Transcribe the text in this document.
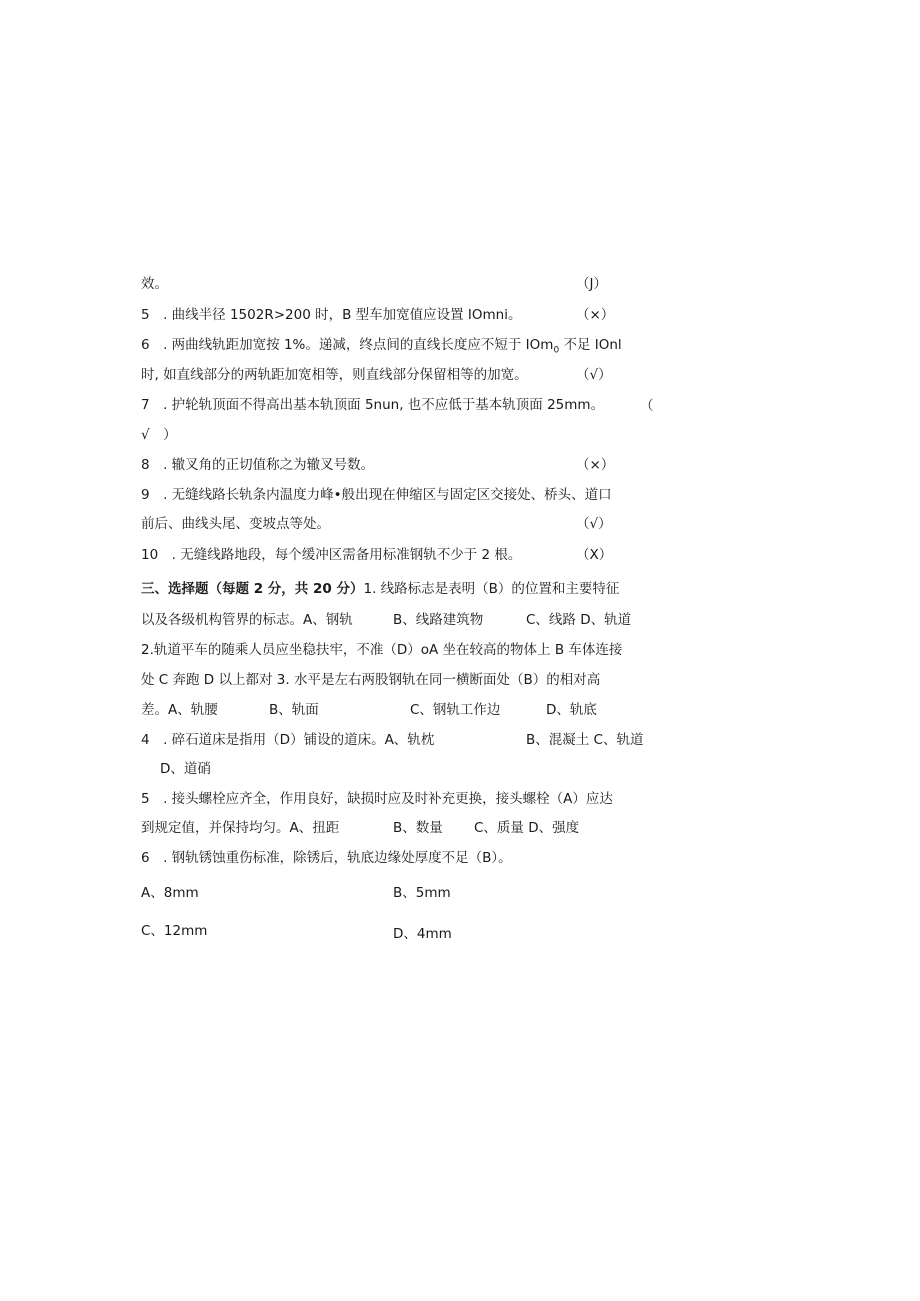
效。	（J）
5　. 曲线半径 1502R>200 时，B 型车加宽值应设置 IOmni。	（×）
6　. 两曲线轨距加宽按 1%。递减，终点间的直线长度应不短于 IOm$_0$ 不足 IOnl
时, 如直线部分的两轨距加宽相等，则直线部分保留相等的加宽。	（√）
7　. 护轮轨顶面不得高出基本轨顶面 5nun, 也不应低于基本轨顶面 25mm。	（
√　）
8　. 辙叉角的正切值称之为辙叉号数。	（×）
9　. 无缝线路长轨条内温度力峰•般出现在伸缩区与固定区交接处、桥头、道口
前后、曲线头尾、变坡点等处。	（√）
10　. 无缝线路地段，每个缓冲区需备用标准钢轨不少于 2 根。	（X）
三、选择题（每题 2 分，共 20 分）1. 线路标志是表明（B）的位置和主要特征
以及各级机构管界的标志。A、钢轨	B、线路建筑物	C、线路 D、轨道
2.轨道平车的随乘人员应坐稳扶牢，不准（D）oA 坐在较高的物体上 B 车体连接
处 C 奔跑 D 以上都对 3. 水平是左右两股钢轨在同一横断面处（B）的相对高
差。A、轨腰	B、轨面	C、钢轨工作边	D、轨底
4　. 碎石道床是指用（D）铺设的道床。A、轨枕	B、混凝土 C、轨道
D、道硝
5　. 接头螺栓应齐全，作用良好，缺损时应及时补充更换，接头螺栓（A）应达
到规定值，并保持均匀。A、扭距	B、数量 C、质量 D、强度
6　. 钢轨锈蚀重伤标准，除锈后，轨底边缘处厚度不足（B）。
A、8mm	B、5mm
C、12mm	D、4mm
